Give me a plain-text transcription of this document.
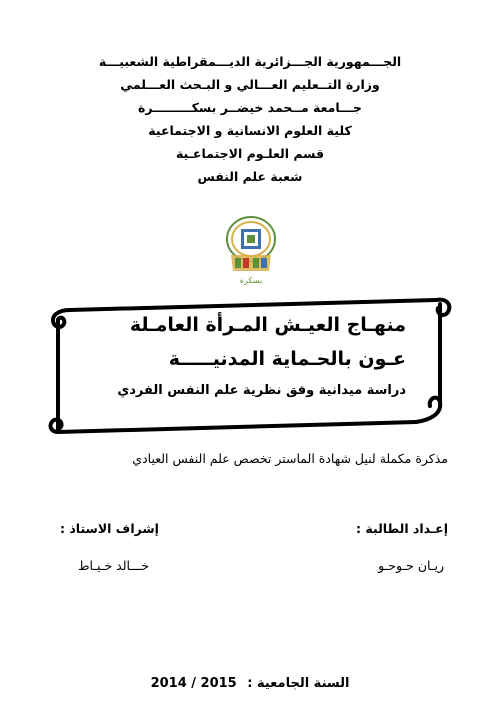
الجـــمهورية الجـــزائرية الديـــمقراطية الشعبيـــة
وزارة التــعليم العـــالي و البـحث العـــلمي
جـــامعة مــحمد خيضــر بسكـــــــــرة
كلية العلوم الانسانية و الاجتماعية
قسم العلـوم الاجتماعـية
شعبة علم النفس
بسكرة
منهـاج العيـش المـرأة العامـلة عـون بالحـماية المدنيـــــة
دراسة ميدانية وفق نظرية علم النفس الفردي
مذكرة مكملة لنيل شهادة الماستر تخصص علم النفس العيادي
إعـداد الطالبة :
إشراف الاستاذ :
ريـان حـوحـو
خـــالد خـيـاط
2014 / 2015 السنة الجامعية :
